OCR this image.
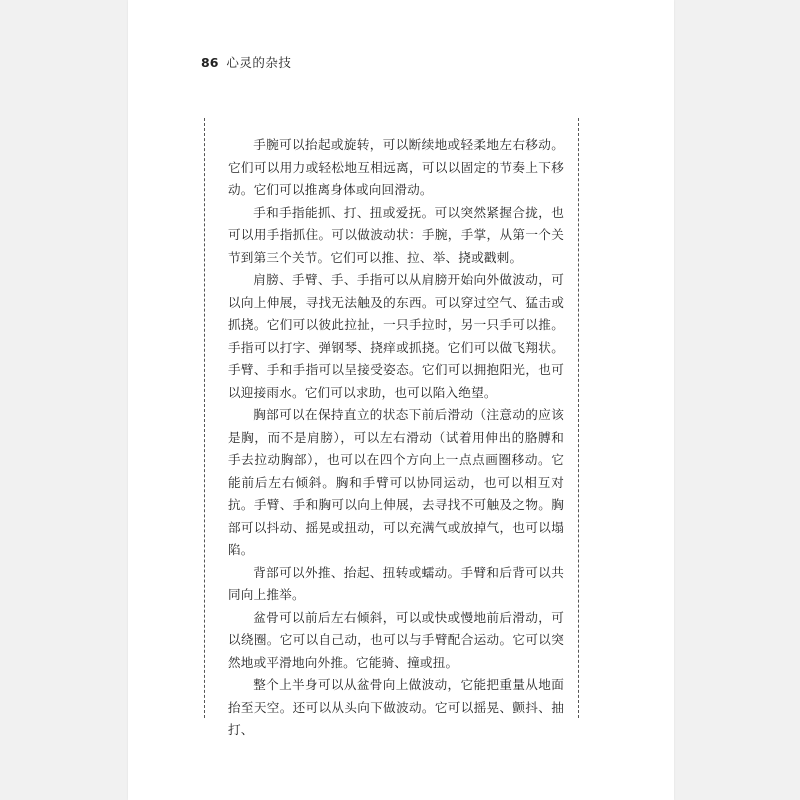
86 心灵的杂技

手腕可以抬起或旋转，可以断续地或轻柔地左右移动。它们可以用力或轻松地互相远离，可以以固定的节奏上下移动。它们可以推离身体或向回滑动。

手和手指能抓、打、扭或爱抚。可以突然紧握合拢，也可以用手指抓住。可以做波动状：手腕，手掌，从第一个关节到第三个关节。它们可以推、拉、举、挠或戳刺。

肩膀、手臂、手、手指可以从肩膀开始向外做波动，可以向上伸展，寻找无法触及的东西。可以穿过空气、猛击或抓挠。它们可以彼此拉扯，一只手拉时，另一只手可以推。手指可以打字、弹钢琴、挠痒或抓挠。它们可以做飞翔状。手臂、手和手指可以呈接受姿态。它们可以拥抱阳光，也可以迎接雨水。它们可以求助，也可以陷入绝望。

胸部可以在保持直立的状态下前后滑动（注意动的应该是胸，而不是肩膀），可以左右滑动（试着用伸出的胳膊和手去拉动胸部），也可以在四个方向上一点点画圈移动。它能前后左右倾斜。胸和手臂可以协同运动，也可以相互对抗。手臂、手和胸可以向上伸展，去寻找不可触及之物。胸部可以抖动、摇晃或扭动，可以充满气或放掉气，也可以塌陷。

背部可以外推、抬起、扭转或蠕动。手臂和后背可以共同向上推举。

盆骨可以前后左右倾斜，可以或快或慢地前后滑动，可以绕圈。它可以自己动，也可以与手臂配合运动。它可以突然地或平滑地向外推。它能骑、撞或扭。

整个上半身可以从盆骨向上做波动，它能把重量从地面抬至天空。还可以从头向下做波动。它可以摇晃、颤抖、抽打、
